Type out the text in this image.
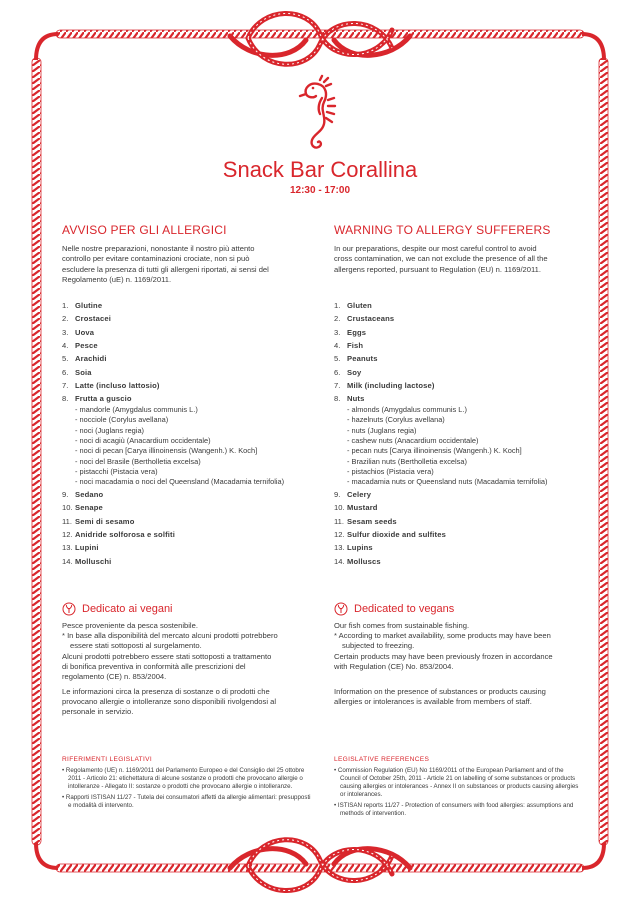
Snack Bar Corallina
12:30 - 17:00
AVVISO PER GLI ALLERGICI
Nelle nostre preparazioni, nonostante il nostro più attento
controllo per evitare contaminazioni crociate, non si può
escludere la presenza di tutti gli allergeni riportati, ai sensi del
Regolamento (uE) n. 1169/2011.
1. Glutine
2. Crostacei
3. Uova
4. Pesce
5. Arachidi
6. Soia
7. Latte (incluso lattosio)
8. Frutta a guscio
- mandorle (Amygdalus communis L.)
- nocciole (Corylus avellana)
- noci (Juglans regia)
- noci di acagiù (Anacardium occidentale)
- noci di pecan [Carya illinoinensis (Wangenh.) K. Koch]
- noci del Brasile (Bertholletia excelsa)
- pistacchi (Pistacia vera)
- noci macadamia o noci del Queensland (Macadamia ternifolia)
9. Sedano
10. Senape
11. Semi di sesamo
12. Anidride solforosa e solfiti
13. Lupini
14. Molluschi
Dedicato ai vegani
Pesce proveniente da pesca sostenibile.
* In base alla disponibilità del mercato alcuni prodotti potrebbero
essere stati sottoposti al surgelamento.
Alcuni prodotti potrebbero essere stati sottoposti a trattamento
di bonifica preventiva in conformità alle prescrizioni del
regolamento (CE) n. 853/2004.
Le informazioni circa la presenza di sostanze o di prodotti che
provocano allergie o intolleranze sono disponibili rivolgendosi al
personale in servizio.
RIFERIMENTI LEGISLATIVI
• Regolamento (UE) n. 1169/2011 del Parlamento Europeo e del Consiglio del 25 ottobre 2011 - Articolo 21: etichettatura di alcune sostanze o prodotti che provocano allergie o intolleranze - Allegato II: sostanze o prodotti che provocano allergie o intolleranze.
• Rapporti ISTISAN 11/27 - Tutela dei consumatori affetti da allergie alimentari: presupposti e modalità di intervento.
WARNING TO ALLERGY SUFFERERS
In our preparations, despite our most careful control to avoid
cross contamination, we can not exclude the presence of all the
allergens reported, pursuant to Regulation (EU) n. 1169/2011.
1. Gluten
2. Crustaceans
3. Eggs
4. Fish
5. Peanuts
6. Soy
7. Milk (including lactose)
8. Nuts
- almonds (Amygdalus communis L.)
- hazelnuts (Corylus avellana)
- nuts (Juglans regia)
- cashew nuts (Anacardium occidentale)
- pecan nuts [Carya illinoinensis (Wangenh.) K. Koch]
- Brazilian nuts (Bertholletia excelsa)
- pistachios (Pistacia vera)
- macadamia nuts or Queensland nuts (Macadamia ternifolia)
9. Celery
10. Mustard
11. Sesam seeds
12. Sulfur dioxide and sulfites
13. Lupins
14. Molluscs
Dedicated to vegans
Our fish comes from sustainable fishing.
* According to market availability, some products may have been
subjected to freezing.
Certain products may have been previously frozen in accordance
with Regulation (CE) No. 853/2004.
Information on the presence of substances or products causing
allergies or intolerances is available from members of staff.
LEGISLATIVE REFERENCES
• Commission Regulation (EU) No 1169/2011 of the European Parliament and of the Council of October 25th, 2011 - Article 21 on labelling of some substances or products causing allergies or intolerances - Annex II on substances or products causing allergies or intolerances.
• ISTISAN reports 11/27 - Protection of consumers with food allergies: assumptions and methods of intervention.
